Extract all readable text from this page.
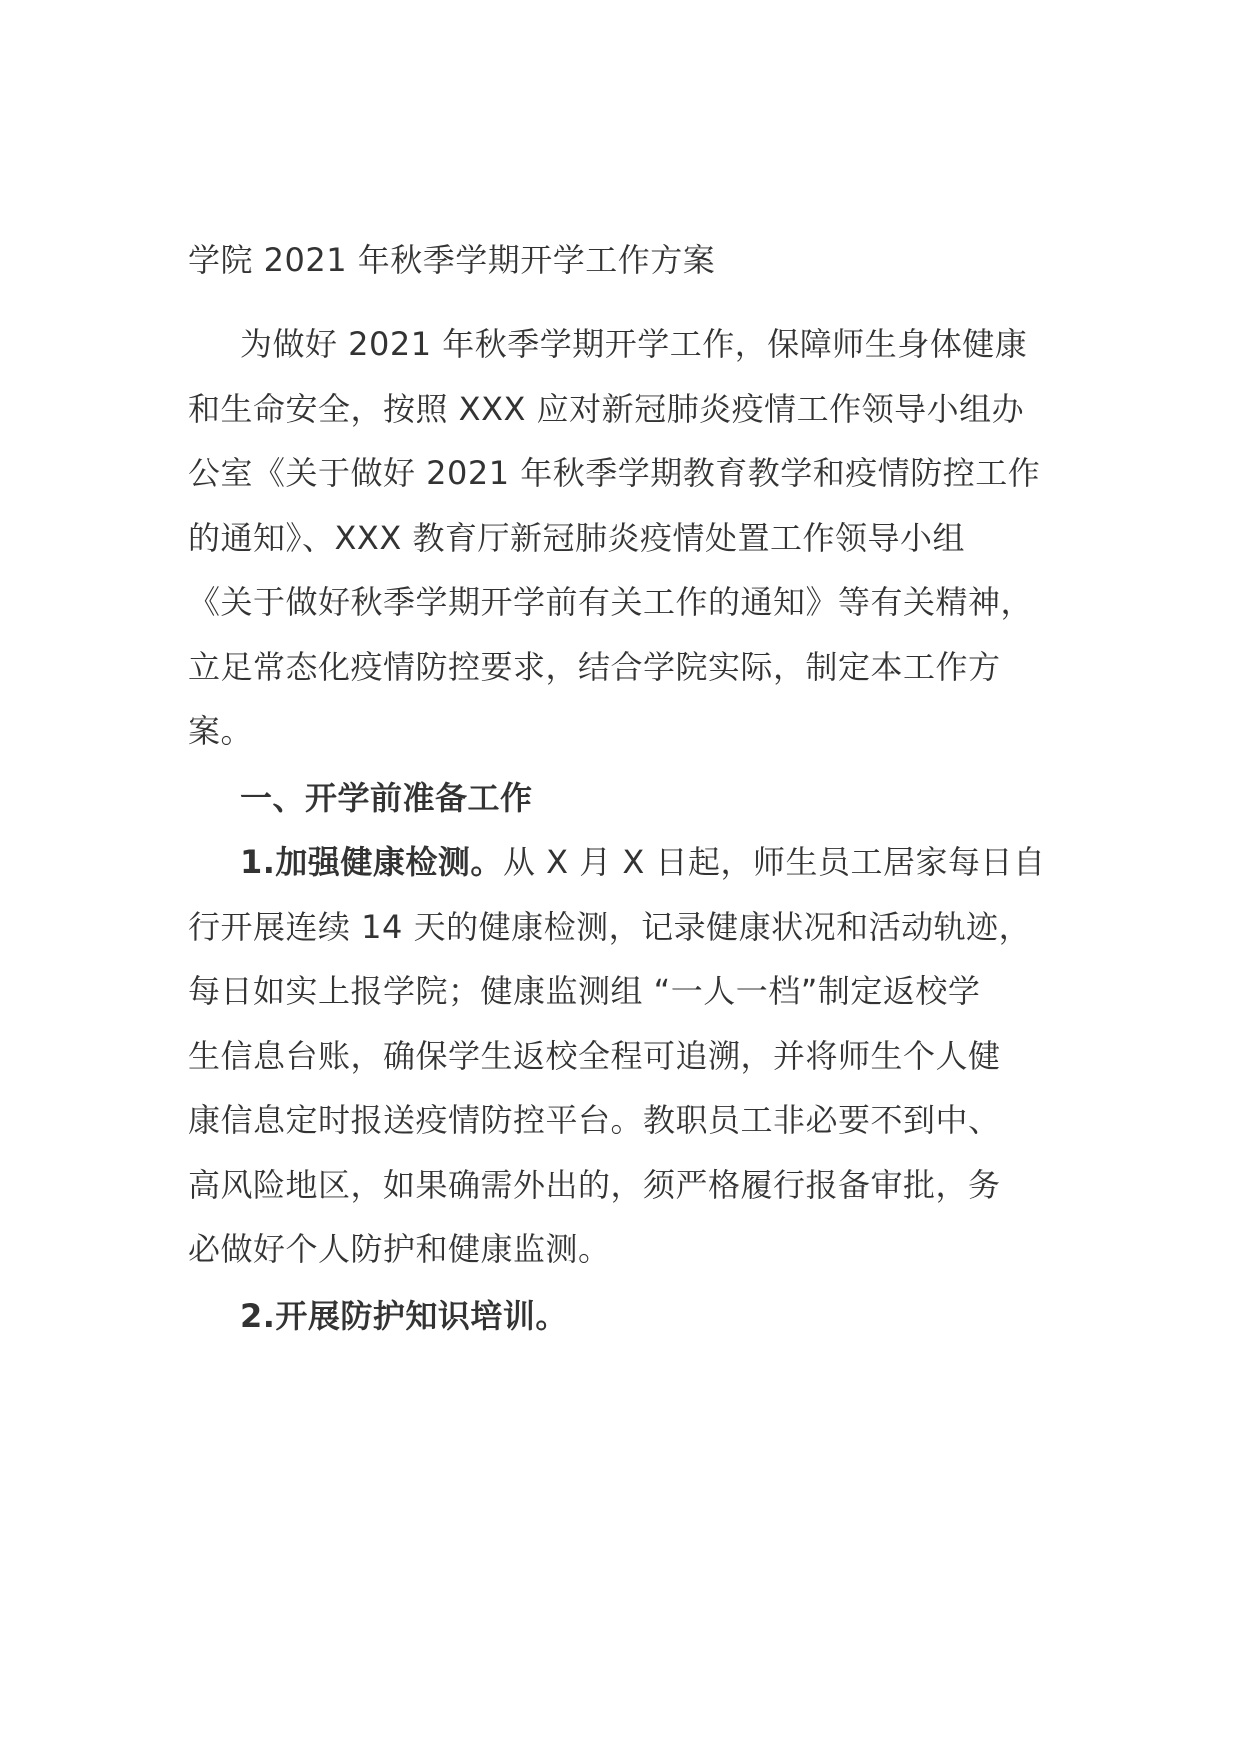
学院 2021 年秋季学期开学工作方案
为做好 2021 年秋季学期开学工作，保障师生身体健康
和生命安全，按照 XXX 应对新冠肺炎疫情工作领导小组办
公室《关于做好 2021 年秋季学期教育教学和疫情防控工作
的通知》、XXX 教育厅新冠肺炎疫情处置工作领导小组
《关于做好秋季学期开学前有关工作的通知》等有关精神，
立足常态化疫情防控要求，结合学院实际，制定本工作方
案。
一、开学前准备工作
1.加强健康检测。从 X 月 X 日起，师生员工居家每日自
行开展连续 14 天的健康检测，记录健康状况和活动轨迹，
每日如实上报学院；健康监测组 “一人一档”制定返校学
生信息台账，确保学生返校全程可追溯，并将师生个人健
康信息定时报送疫情防控平台。教职员工非必要不到中、
高风险地区，如果确需外出的，须严格履行报备审批，务
必做好个人防护和健康监测。
2.开展防护知识培训。
